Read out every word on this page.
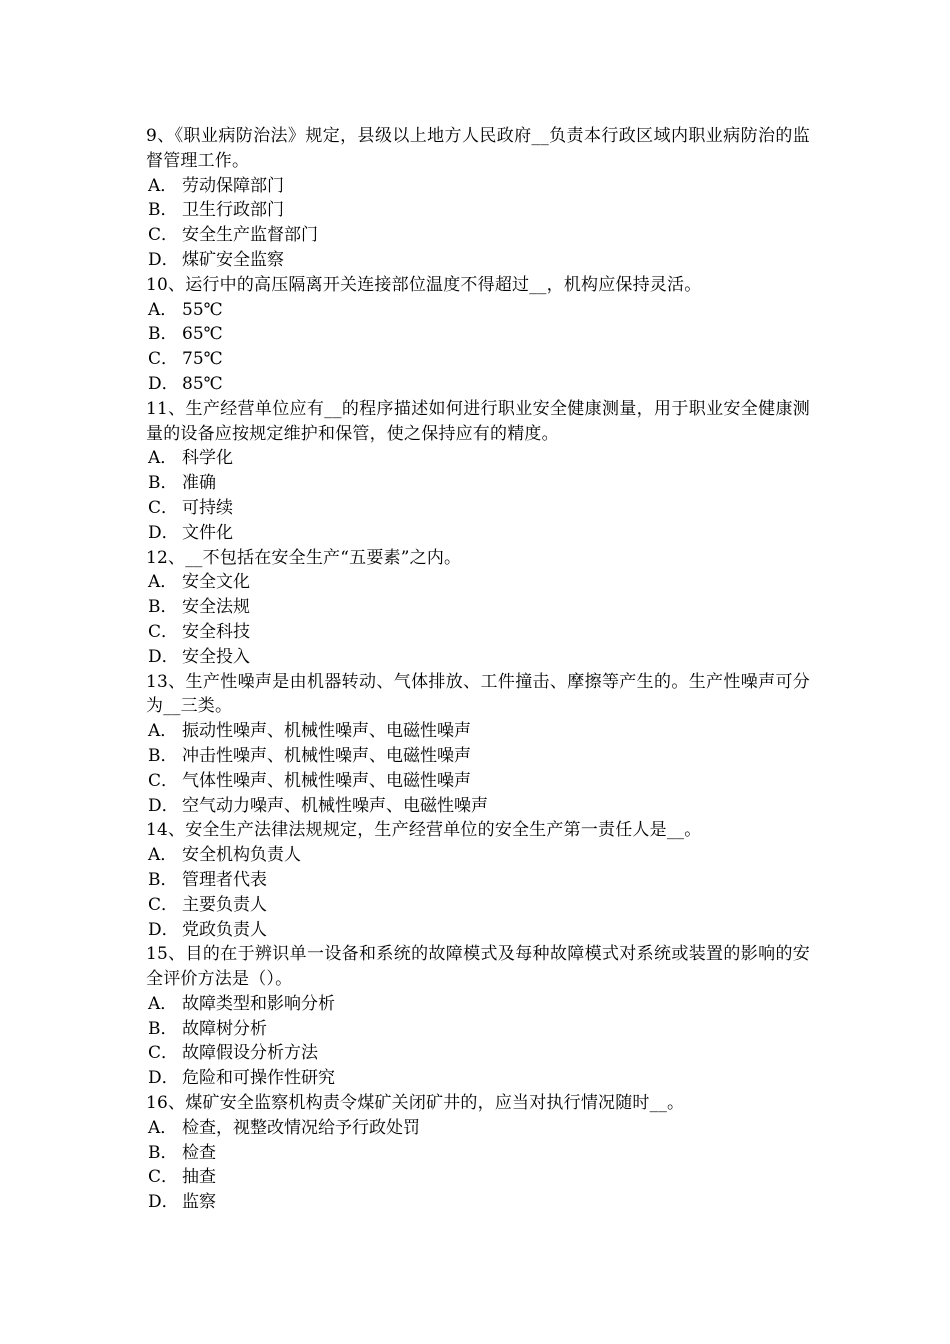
9、《职业病防治法》规定，县级以上地方人民政府__负责本行政区域内职业病防治的监督管理工作。

A． 劳动保障部门
B． 卫生行政部门
C． 安全生产监督部门
D． 煤矿安全监察

10、运行中的高压隔离开关连接部位温度不得超过__，机构应保持灵活。

A． 55℃
B． 65℃
C． 75℃
D． 85℃

11、生产经营单位应有__的程序描述如何进行职业安全健康测量，用于职业安全健康测量的设备应按规定维护和保管，使之保持应有的精度。

A． 科学化
B． 准确
C． 可持续
D． 文件化

12、__不包括在安全生产“五要素”之内。

A． 安全文化
B． 安全法规
C． 安全科技
D． 安全投入

13、生产性噪声是由机器转动、气体排放、工件撞击、摩擦等产生的。生产性噪声可分为__三类。

A． 振动性噪声、机械性噪声、电磁性噪声
B． 冲击性噪声、机械性噪声、电磁性噪声
C． 气体性噪声、机械性噪声、电磁性噪声
D． 空气动力噪声、机械性噪声、电磁性噪声

14、安全生产法律法规规定，生产经营单位的安全生产第一责任人是__。

A． 安全机构负责人
B． 管理者代表
C． 主要负责人
D． 党政负责人

15、目的在于辨识单一设备和系统的故障模式及每种故障模式对系统或装置的影响的安全评价方法是（）。

A． 故障类型和影响分析
B． 故障树分析
C． 故障假设分析方法
D． 危险和可操作性研究

16、煤矿安全监察机构责令煤矿关闭矿井的，应当对执行情况随时__。

A． 检查，视整改情况给予行政处罚
B． 检查
C． 抽查
D． 监察
